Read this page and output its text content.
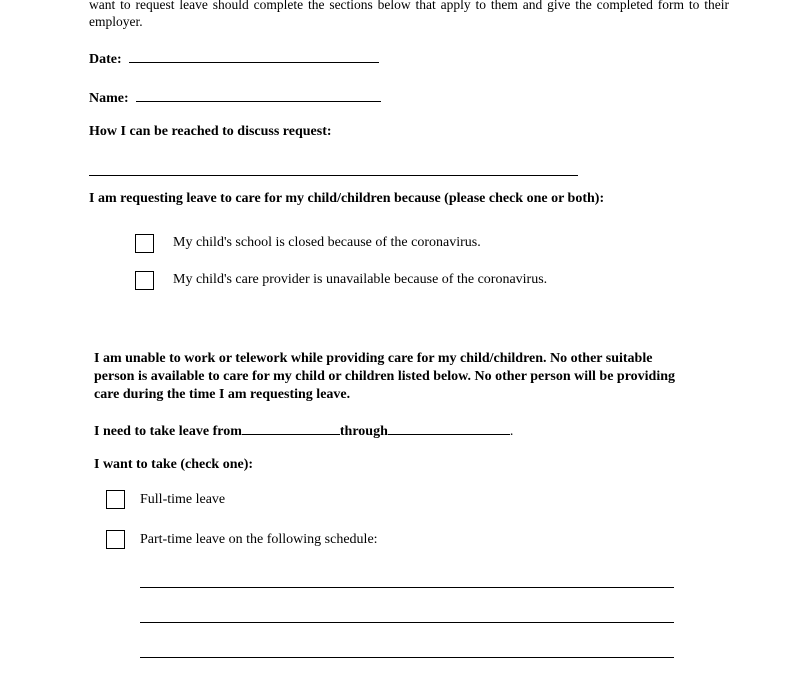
want to request leave should complete the sections below that apply to them and give the completed form to their employer.
Date:
Name:
How I can be reached to discuss request:
I am requesting leave to care for my child/children because (please check one or both):
My child's school is closed because of the coronavirus.
My child's care provider is unavailable because of the coronavirus.
I am unable to work or telework while providing care for my child/children. No other suitable person is available to care for my child or children listed below. No other person will be providing care during the time I am requesting leave.
I need to take leave from	through	.
I want to take (check one):
Full-time leave
Part-time leave on the following schedule:
